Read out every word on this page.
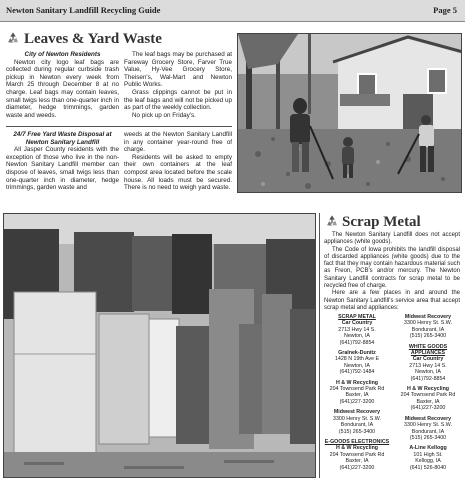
Newton Sanitary Landfill Recycling Guide	Page 5
Leaves & Yard Waste
City of Newton Residents

Newton city logo leaf bags are collected during regular curbside trash pickup in Newton every week from March 25 through December 8 at no charge. Leaf bags may contain leaves, small twigs less than one-quarter inch in diameter, hedge trimmings, garden waste and weeds.

The leaf bags may be purchased at Fareway Grocery Store, Farver True Value, Hy-Vee Grocery Store, Theisen's, Wal-Mart and Newton Public Works.

Grass clippings cannot be put in the leaf bags and will not be picked up as part of the weekly collection.

No pick up on Friday's.

24/7 Free Yard Waste Disposal at Newton Sanitary Landfill

All Jasper County residents with the exception of those who live in the non-Newton Sanitary Landfill member can dispose of leaves, small twigs less than one-quarter inch in diameter, hedge trimmings, garden waste and

weeds at the Newton Sanitary Landfill in any container year-round free of charge.

Residents will be asked to empty their own containers at the leaf compost area located before the scale house. All loads must be secured. There is no need to weigh yard waste.

Scrap Metal

The Newton Sanitary Landfill does not accept appliances (white goods).

The Code of Iowa prohibits the landfill disposal of discarded appliances (white goods) due to the fact that they may contain hazardous material such as Freon, PCB's and/or mercury. The Newton Sanitary Landfill contracts for scrap metal to be recycled free of charge.

Here are a few places in and around the Newton Sanitary Landfill's service area that accept scrap metal and appliances:

SCRAP METAL
Car Country
2713 Hwy 14 S.
Newton, IA
(641)792-8854
Gralnek-Dunitz
1428 N 19th Ave E
Newton, IA
(641)792-1484
H & W Recycling
204 Townsend Park Rd
Baxter, IA
(641)227-3200
Midwest Recovery
3300 Henry St. S.W.
Bondurant, IA
(515) 265-3400
E-GOODS ELECTRONICS
H & W Recycling
204 Townsend Park Rd
Baxter, IA
(641)227-3200
Midwest Recovery
3300 Henry St. S.W.
Bondurant, IA
(515) 265-3400
WHITE GOODS APPLIANCES
Car Country
2713 Hwy 14 S.
Newton, IA
(641)792-8854
H & W Recycling
204 Townsend Park Rd
Baxter, IA
(641)227-3200
Midwest Recovery
3300 Henry St. S.W.
Bondurant, IA
(515) 265-3400
A-Line Kellogg
101 High St.
Kellogg, IA
(641) 526-8040
